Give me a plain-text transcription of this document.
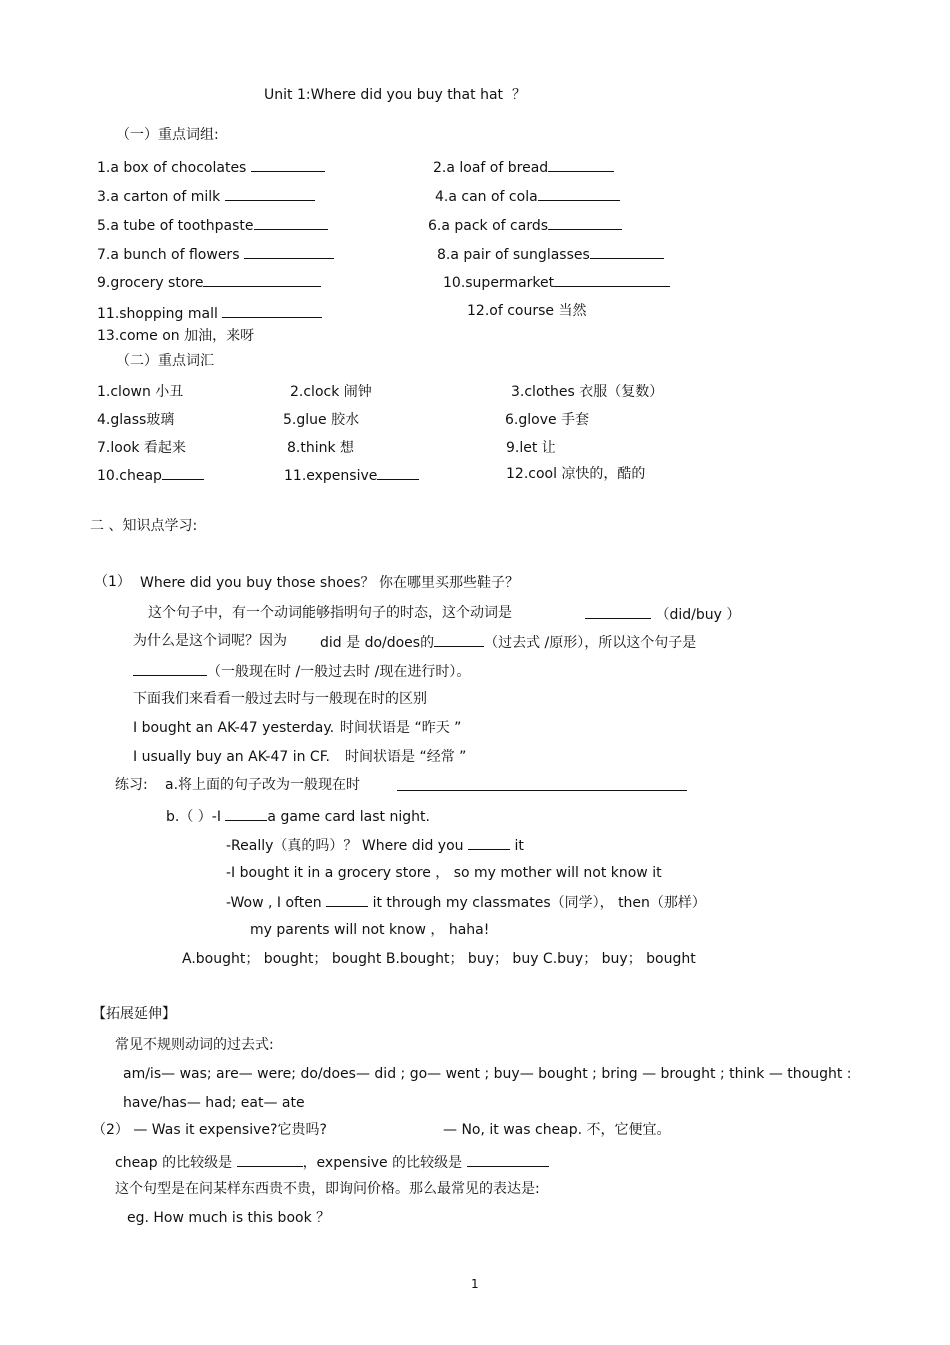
Unit 1:Where did you buy that hat ？
（一）重点词组:
1.a box of chocolates	2.a loaf of bread
3.a carton of milk	4.a can of cola
5.a tube of toothpaste	6.a pack of cards
7.a bunch of flowers	8.a pair of sunglasses
9.grocery store	10.supermarket
11.shopping mall	12.of course 当然
13.come on 加油，来呀
（二）重点词汇
1.clown 小丑	2.clock 闹钟	3.clothes 衣服（复数）
4.glass玻璃	5.glue 胶水	6.glove 手套
7.look 看起来	8.think 想	9.let 让
10.cheap	11.expensive	12.cool 凉快的，酷的
二 、知识点学习:
（1） Where did you buy those shoes？ 你在哪里买那些鞋子？
这个句子中，有一个动词能够指明句子的时态，这个动词是	（did/buy ）
为什么是这个词呢？因为 did 是 do/does的	（过去式 /原形），所以这个句子是
（一般现在时 /一般过去时 /现在进行时）。
下面我们来看看一般过去时与一般现在时的区别
I bought an AK-47 yesterday. 时间状语是 “昨天 ”
I usually buy an AK-47 in CF. 时间状语是 “经常 ”
练习: a.将上面的句子改为一般现在时
b.（ ）-I	a game card last night.
-Really（真的吗）？ Where did you	it
-I bought it in a grocery store ， so my mother will not know it
-Wow , I often	it through my classmates（同学）， then（那样）
my parents will not know ， haha!
A.bought； bought； bought B.bought； buy； buy C.buy； buy； bought
【拓展延伸】
常见不规则动词的过去式:
am/is— was; are— were; do/does— did ; go— went ; buy— bought ; bring — brought ; think — thought :
have/has— had; eat— ate
（2） — Was it expensive?它贵吗?	— No, it was cheap. 不，它便宜。
cheap 的比较级是	，expensive 的比较级是
这个句型是在问某样东西贵不贵，即询问价格。那么最常见的表达是:
eg. How much is this book ？
1
